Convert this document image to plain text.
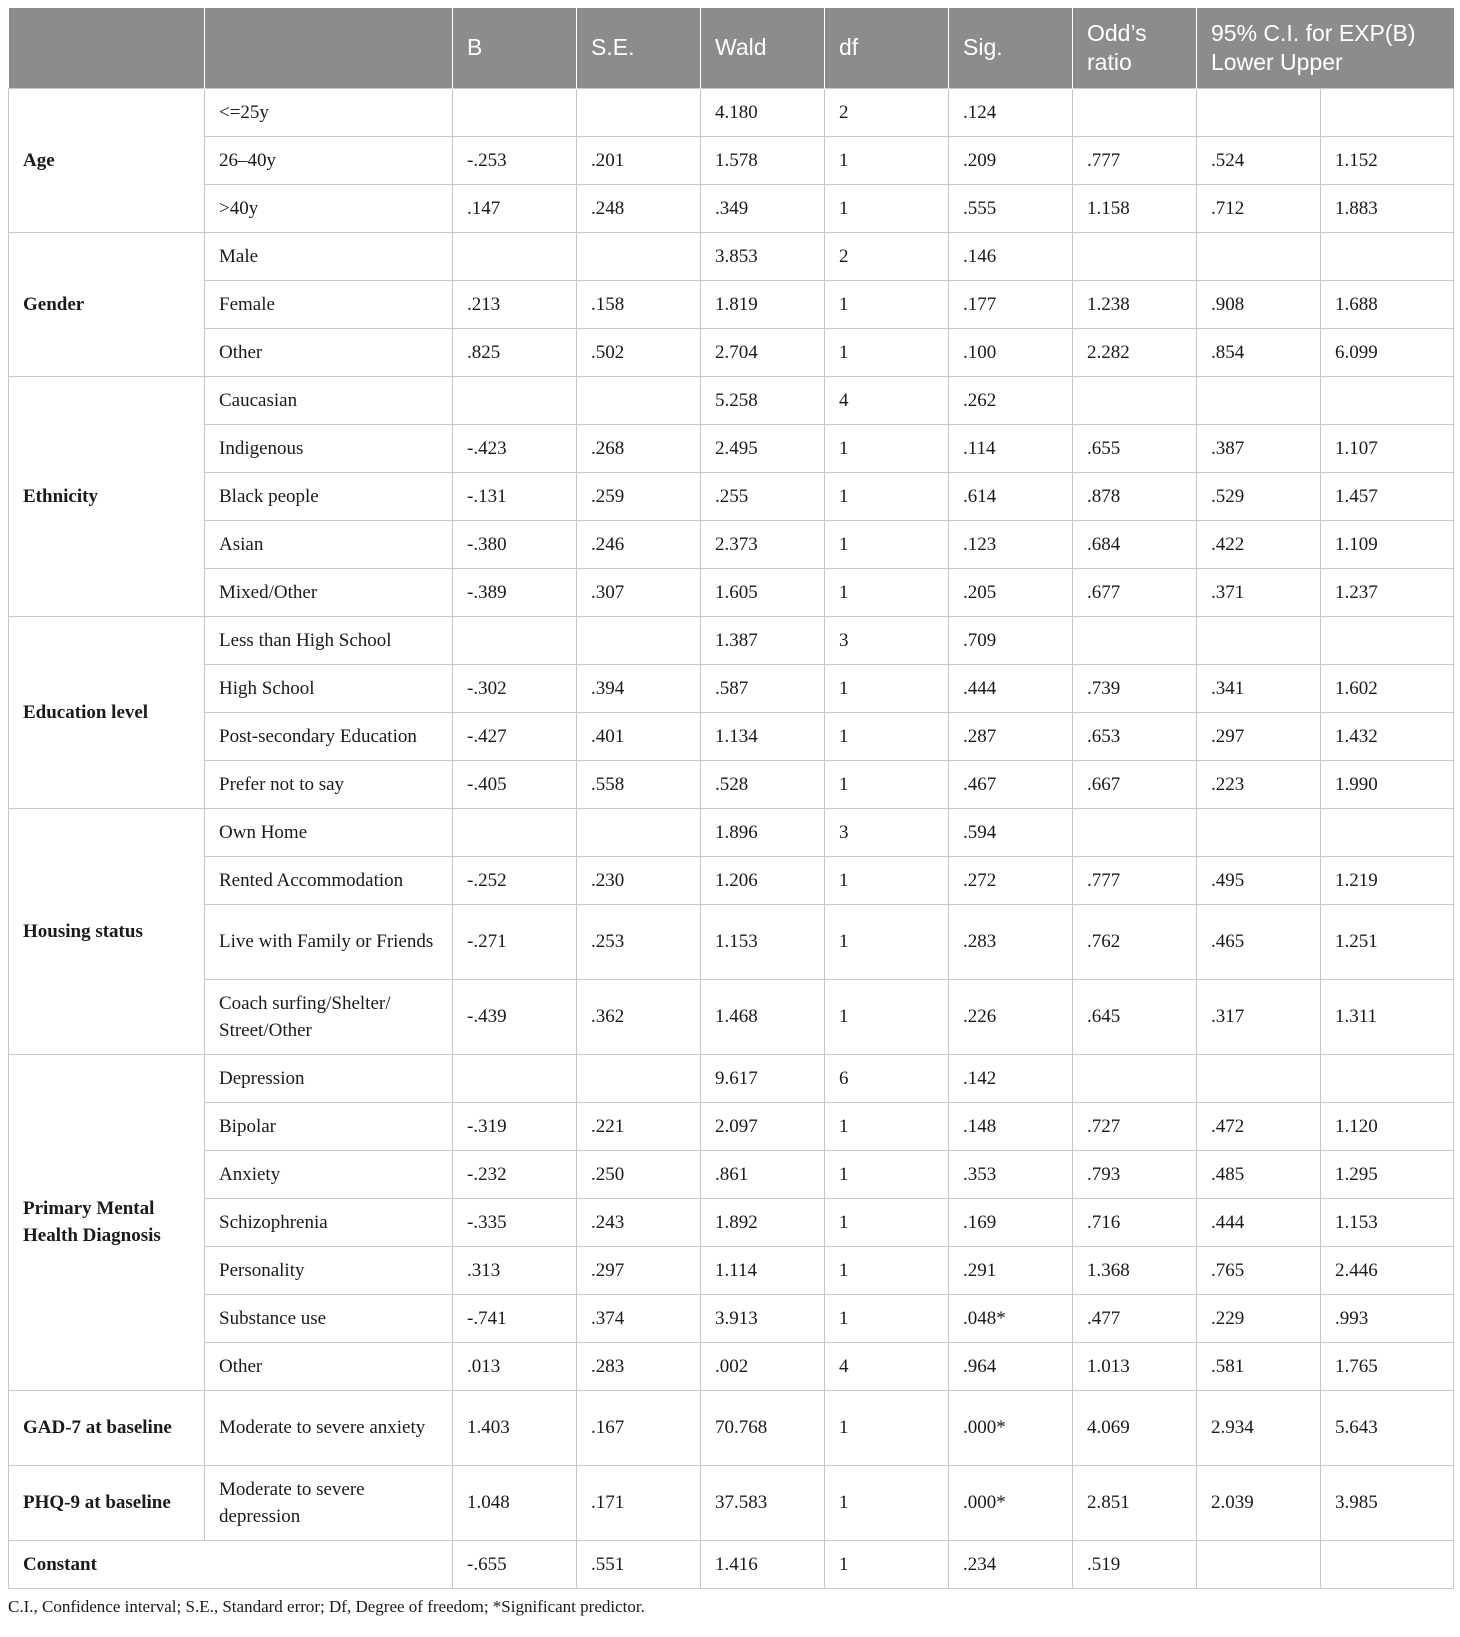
		B	S.E.	Wald	df	Sig.	Odd’s ratio	95% C.I. for EXP(B) Lower Upper	
Age	<=25y			4.180	2	.124			
	26–40y	-.253	.201	1.578	1	.209	.777	.524	1.152
	>40y	.147	.248	.349	1	.555	1.158	.712	1.883
Gender	Male			3.853	2	.146			
	Female	.213	.158	1.819	1	.177	1.238	.908	1.688
	Other	.825	.502	2.704	1	.100	2.282	.854	6.099
Ethnicity	Caucasian			5.258	4	.262			
	Indigenous	-.423	.268	2.495	1	.114	.655	.387	1.107
	Black people	-.131	.259	.255	1	.614	.878	.529	1.457
	Asian	-.380	.246	2.373	1	.123	.684	.422	1.109
	Mixed/Other	-.389	.307	1.605	1	.205	.677	.371	1.237
Education level	Less than High School			1.387	3	.709			
	High School	-.302	.394	.587	1	.444	.739	.341	1.602
	Post-secondary Education	-.427	.401	1.134	1	.287	.653	.297	1.432
	Prefer not to say	-.405	.558	.528	1	.467	.667	.223	1.990
Housing status	Own Home			1.896	3	.594			
	Rented Accommodation	-.252	.230	1.206	1	.272	.777	.495	1.219
	Live with Family or Friends	-.271	.253	1.153	1	.283	.762	.465	1.251
	Coach surfing/Shelter/ Street/Other	-.439	.362	1.468	1	.226	.645	.317	1.311
Primary Mental Health Diagnosis	Depression			9.617	6	.142			
	Bipolar	-.319	.221	2.097	1	.148	.727	.472	1.120
	Anxiety	-.232	.250	.861	1	.353	.793	.485	1.295
	Schizophrenia	-.335	.243	1.892	1	.169	.716	.444	1.153
	Personality	.313	.297	1.114	1	.291	1.368	.765	2.446
	Substance use	-.741	.374	3.913	1	.048*	.477	.229	.993
	Other	.013	.283	.002	4	.964	1.013	.581	1.765
GAD-7 at baseline	Moderate to severe anxiety	1.403	.167	70.768	1	.000*	4.069	2.934	5.643
PHQ-9 at baseline	Moderate to severe depression	1.048	.171	37.583	1	.000*	2.851	2.039	3.985
Constant		-.655	.551	1.416	1	.234	.519		
C.I., Confidence interval; S.E., Standard error; Df, Degree of freedom; *Significant predictor.
